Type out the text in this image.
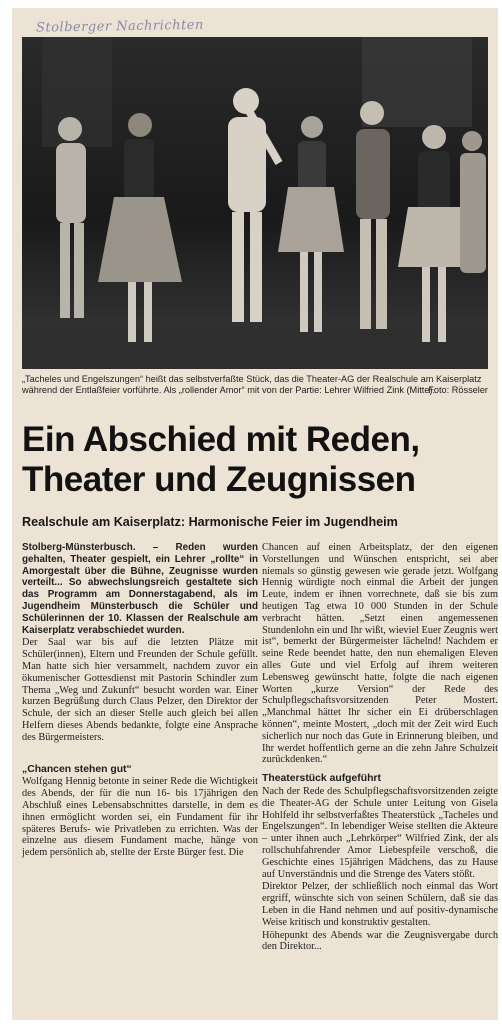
Stolberger Nachrichten
„Tacheles und Engelszungen“ heißt das selbstverfaßte Stück, das die Theater-AG der Realschule am Kaiserplatz während der Entlaßfeier vorführte. Als „rollender Amor“ mit von der Partie: Lehrer Wilfried Zink (Mitte).
Foto: Rösseler
Ein Abschied mit Reden,
Theater und Zeugnissen
Realschule am Kaiserplatz: Harmonische Feier im Jugendheim

Stolberg-Münsterbusch. – Reden wurden gehalten, Theater gespielt, ein Lehrer „rollte“ in Amorgestalt über die Bühne, Zeugnisse wurden verteilt... So abwechslungsreich gestaltete sich das Programm am Donnerstagabend, als im Jugendheim Münsterbusch die Schüler und Schülerinnen der 10. Klassen der Realschule am Kaiserplatz verabschiedet wurden.

Der Saal war bis auf die letzten Plätze mit Schüler(innen), Eltern und Freunden der Schule gefüllt. Man hatte sich hier versammelt, nachdem zuvor ein ökumenischer Gottesdienst mit Pastorin Schindler zum Thema „Weg und Zukunft“ besucht worden war. Einer kurzen Begrüßung durch Claus Pelzer, den Direktor der Schule, der sich an dieser Stelle auch gleich bei allen Helfern dieses Abends bedankte, folgte eine Ansprache des Bürgermeisters.

„Chancen stehen gut“

Wolfgang Hennig betonte in seiner Rede die Wichtigkeit des Abends, der für die nun 16- bis 17jährigen den Abschluß eines Lebensabschnittes darstelle, in dem es ihnen ermöglicht worden sei, ein Fundament für ihr späteres Berufs- wie Privatleben zu errichten. Was der einzelne aus diesem Fundament mache, hänge von jedem persönlich ab, stellte der Erste Bürger fest. Die

Chancen auf einen Arbeitsplatz, der den eigenen Vorstellungen und Wünschen entspricht, sei aber niemals so günstig gewesen wie gerade jetzt. Wolfgang Hennig würdigte noch einmal die Arbeit der jungen Leute, indem er ihnen vorrechnete, daß sie bis zum heutigen Tag etwa 10 000 Stunden in der Schule verbracht hätten. „Setzt einen angemessenen Stundenlohn ein und Ihr wißt, wieviel Euer Zeugnis wert ist“, bemerkt der Bürgermeister lächelnd! Nachdem er seine Rede beendet hatte, den nun ehemaligen Eleven alles Gute und viel Erfolg auf ihrem weiteren Lebensweg gewünscht hatte, folgte die nach eigenen Worten „kurze Version“ der Rede des Schulpflegschaftsvorsitzenden Peter Mostert. „Manchmal hättet Ihr sicher ein Ei drüberschlagen können“, meinte Mostert, „doch mit der Zeit wird Euch sicherlich nur noch das Gute in Erinnerung bleiben, und Ihr werdet hoffentlich gerne an die zehn Jahre Schulzeit zurückdenken.“

Theaterstück aufgeführt

Nach der Rede des Schulpflegschaftsvorsitzenden zeigte die Theater-AG der Schule unter Leitung von Gisela Hohlfeld ihr selbstverfaßtes Theaterstück „Tacheles und Engelszungen“. In lebendiger Weise stellten die Akteure – unter ihnen auch „Lehrkörper“ Wilfried Zink, der als rollschuhfahrender Amor Liebespfeile verschoß, die Geschichte eines 15jährigen Mädchens, das zu Hause auf Unverständnis und die Strenge des Vaters stößt.

Direktor Pelzer, der schließlich noch einmal das Wort ergriff, wünschte sich von seinen Schülern, daß sie das Leben in die Hand nehmen und auf positiv-dynamische Weise kritisch und konstruktiv gestalten.

Höhepunkt des Abends war die Zeugnisvergabe durch den Direktor...
